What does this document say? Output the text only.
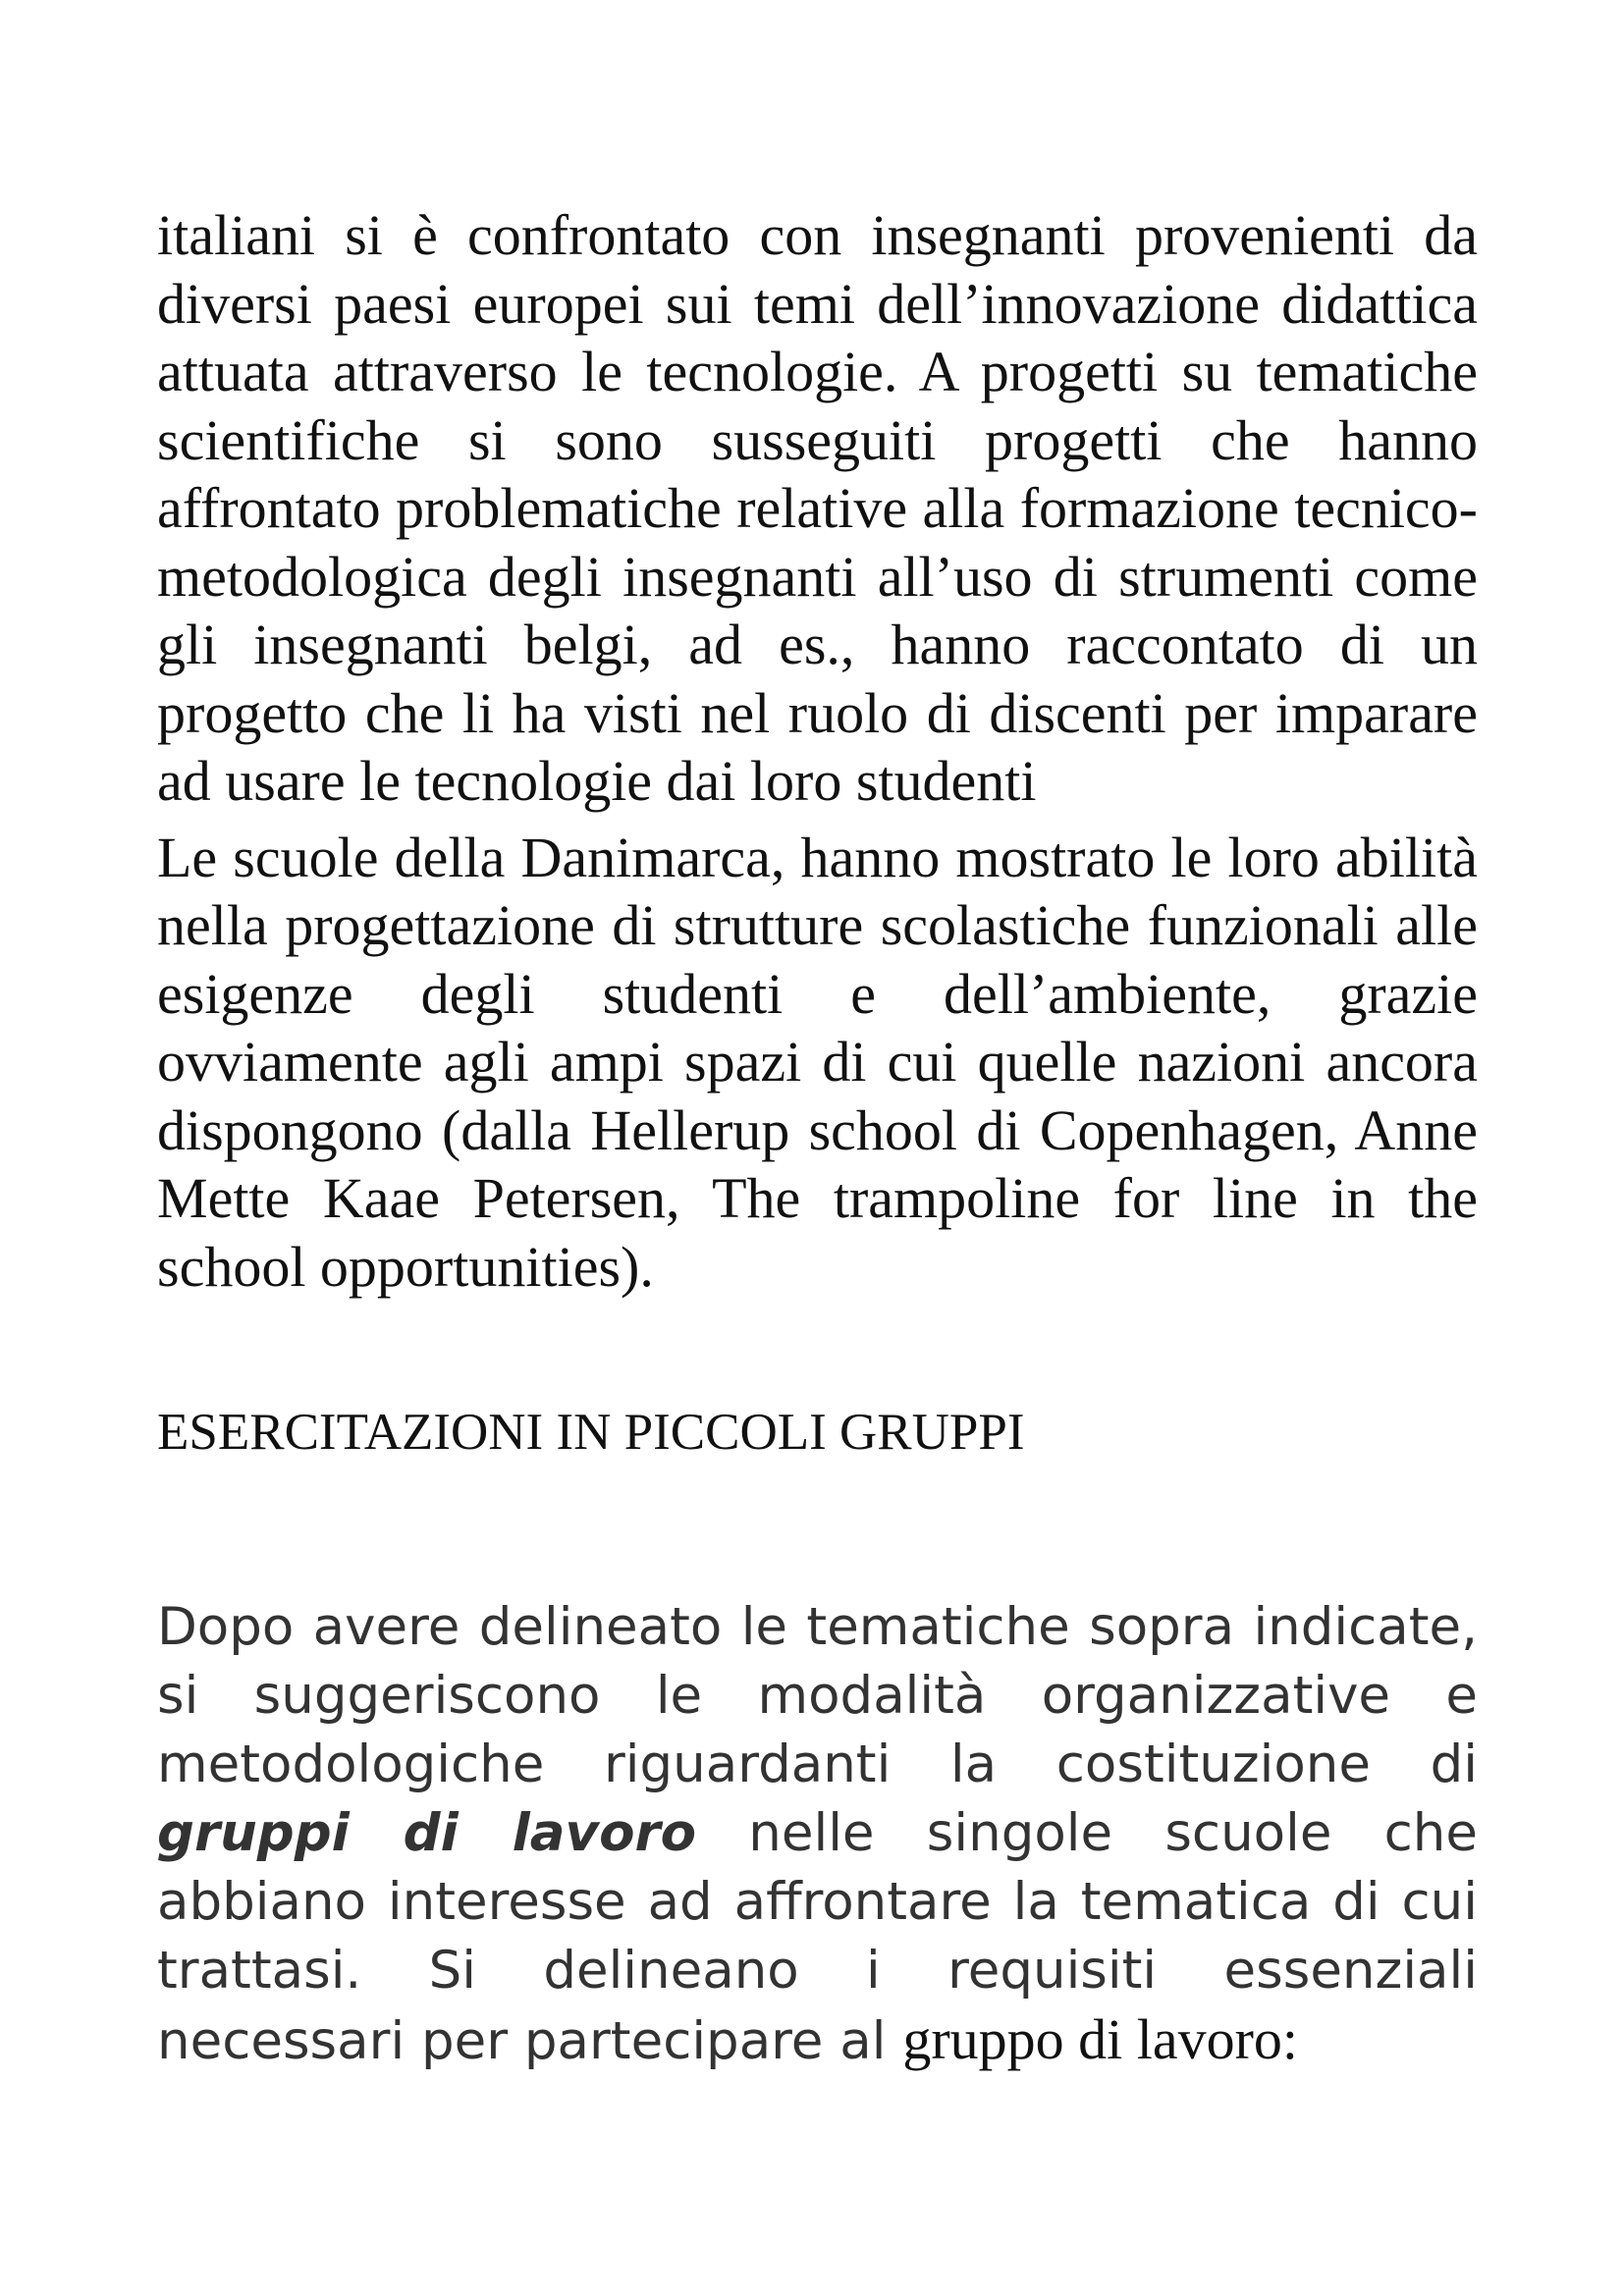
italiani si è confrontato con insegnanti provenienti da diversi paesi europei sui temi dell’innovazione didattica attuata attraverso le tecnologie. A progetti su tematiche scientifiche si sono susseguiti progetti che hanno affrontato problematiche relative alla formazione tecnico-metodologica degli insegnanti all’uso di strumenti come gli insegnanti belgi, ad es., hanno raccontato di un progetto che li ha visti nel ruolo di discenti per imparare ad usare le tecnologie dai loro studenti

Le scuole della Danimarca, hanno mostrato le loro abilità nella progettazione di strutture scolastiche funzionali alle esigenze degli studenti e dell’ambiente, grazie ovviamente agli ampi spazi di cui quelle nazioni ancora dispongono (dalla Hellerup school di Copenhagen, Anne Mette Kaae Petersen, The trampoline for line in the school opportunities).

ESERCITAZIONI IN PICCOLI GRUPPI

Dopo avere delineato le tematiche sopra indicate, si suggeriscono le modalità organizzative e metodologiche riguardanti la costituzione di gruppi di lavoro nelle singole scuole che abbiano interesse ad affrontare la tematica di cui trattasi. Si delineano i requisiti essenziali necessari per partecipare al gruppo di lavoro:
